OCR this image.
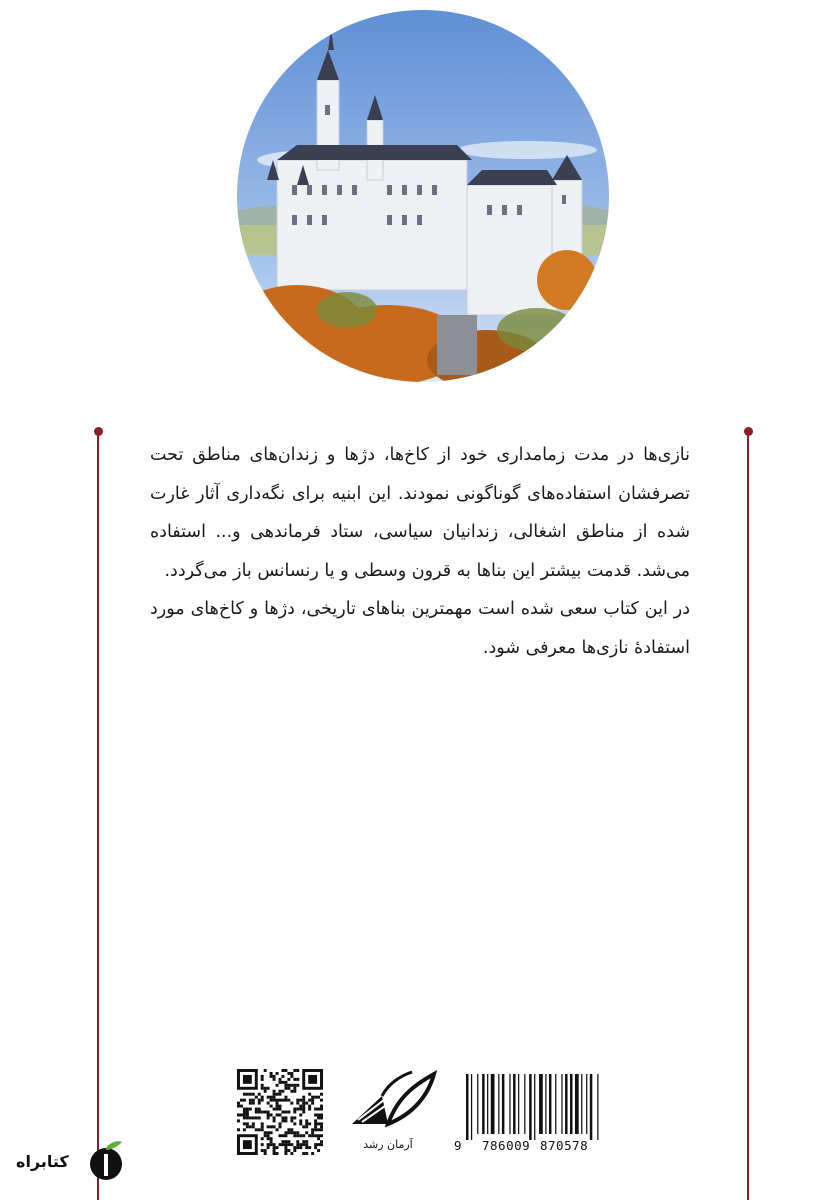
نازی‌ها در مدت زمامداری خود از کاخ‌ها، دژها و زندان‌های مناطق تحت تصرفشان استفاده‌های گوناگونی نمودند. این ابنیه برای نگه‌داری آثار غارت شده از مناطق اشغالی، زندانیان سیاسی، ستاد فرماندهی و... استفاده می‌شد. قدمت بیشتر این بناها به قرون وسطی و یا رنسانس باز می‌گردد.

در این کتاب سعی شده است مهمترین بناهای تاریخی، دژها و کاخ‌های مورد استفادهٔ نازی‌ها معرفی شود.

آرمان رشد	9 786009 870578
کتابراه
